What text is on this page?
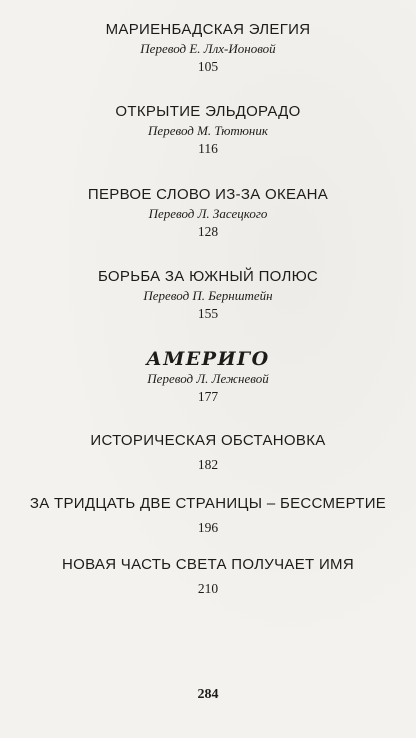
МАРИЕНБАДСКАЯ ЭЛЕГИЯ
Перевод Е. Ллх-Ионовой
105
ОТКРЫТИЕ ЭЛЬДОРАДО
Перевод М. Тютюник
116
ПЕРВОЕ СЛОВО ИЗ-ЗА ОКЕАНА
Перевод Л. Засецкого
128
БОРЬБА ЗА ЮЖНЫЙ ПОЛЮС
Перевод П. Бернштейн
155
АМЕРИГО
Перевод Л. Лежневой
177
ИСТОРИЧЕСКАЯ ОБСТАНОВКА
182
ЗА ТРИДЦАТЬ ДВЕ СТРАНИЦЫ – БЕССМЕРТИЕ
196
НОВАЯ ЧАСТЬ СВЕТА ПОЛУЧАЕТ ИМЯ
210
284
